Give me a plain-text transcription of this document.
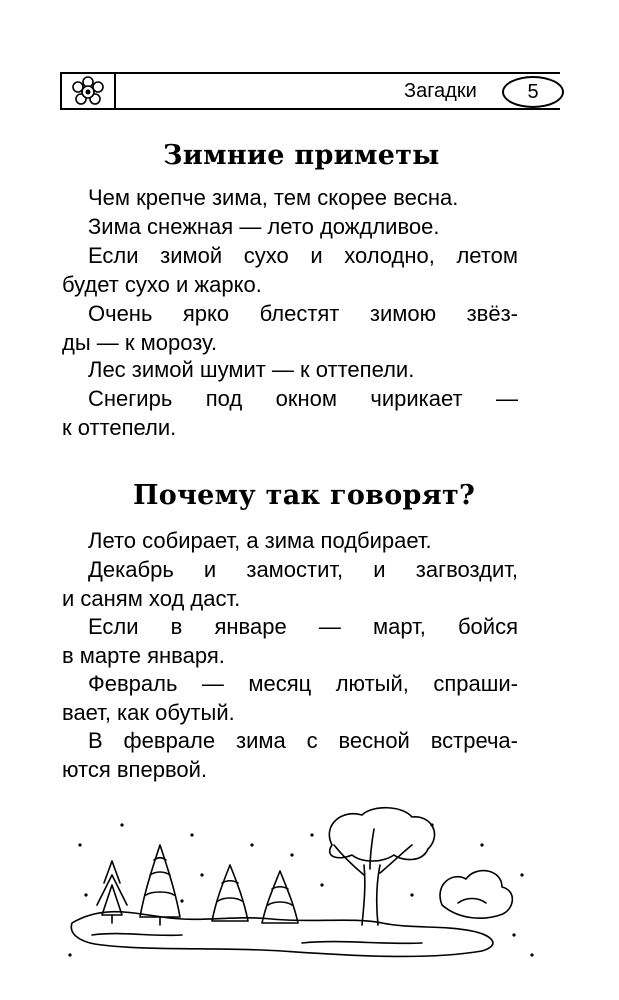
Загадки	5
Зимние приметы

Чем крепче зима, тем скорее весна.

Зима снежная — лето дождливое.

Если зимой сухо и холодно, летом
будет сухо и жарко.

Очень ярко блестят зимою звёз-
ды — к морозу.

Лес зимой шумит — к оттепели.

Снегирь под окном чирикает —
к оттепели.

Почему так говорят?

Лето собирает, а зима подбирает.

Декабрь и замостит, и загвоздит,
и саням ход даст.

Если в январе — март, бойся
в марте января.

Февраль — месяц лютый, спраши-
вает, как обутый.

В феврале зима с весной встреча-
ются впервой.
